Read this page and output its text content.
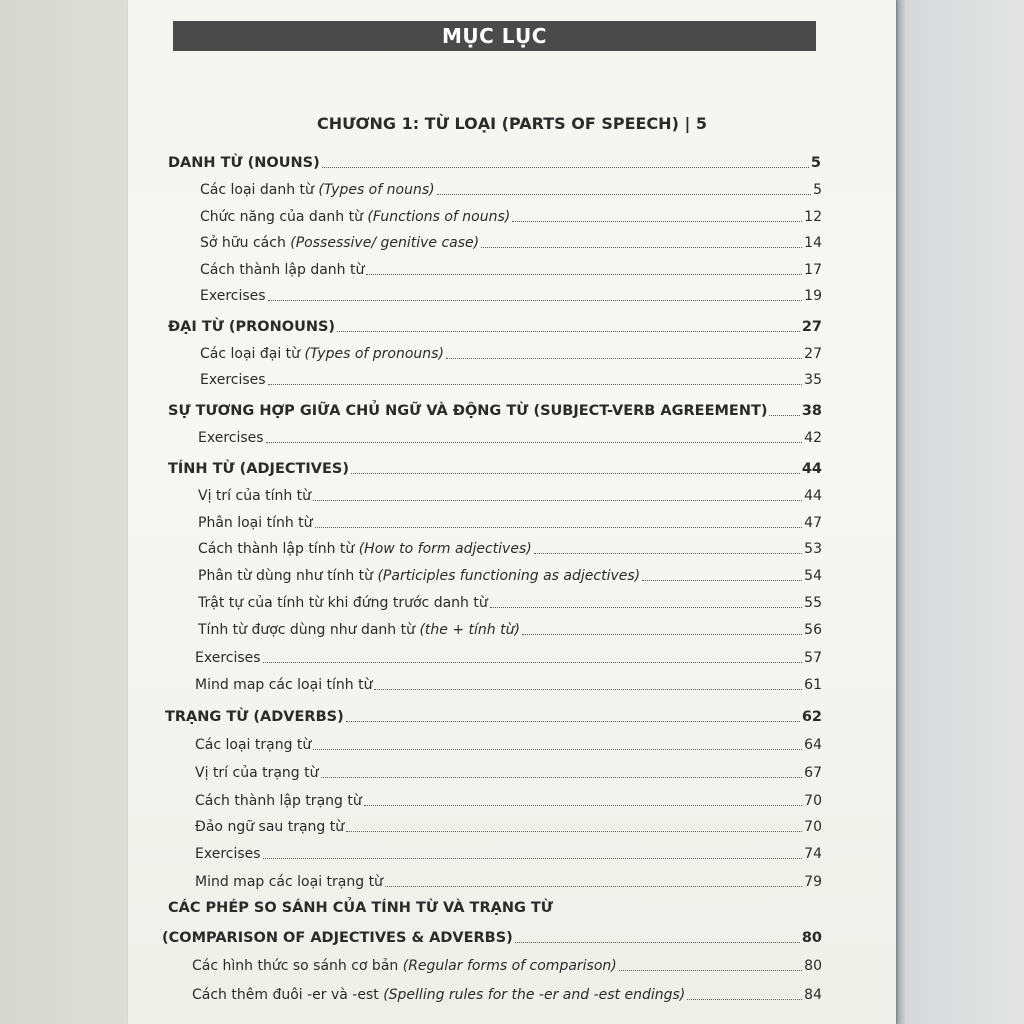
MỤC LỤC
CHƯƠNG 1: TỪ LOẠI (PARTS OF SPEECH) | 5
DANH TỪ (NOUNS)	5
Các loại danh từ (Types of nouns)	5
Chức năng của danh từ (Functions of nouns)	12
Sở hữu cách (Possessive/ genitive case)	14
Cách thành lập danh từ	17
Exercises	19
ĐẠI TỪ (PRONOUNS)	27
Các loại đại từ (Types of pronouns)	27
Exercises	35
SỰ TƯƠNG HỢP GIỮA CHỦ NGỮ VÀ ĐỘNG TỪ (SUBJECT-VERB AGREEMENT) 38
Exercises	42
TÍNH TỪ (ADJECTIVES)	44
Vị trí của tính từ	44
Phân loại tính từ	47
Cách thành lập tính từ (How to form adjectives)	53
Phân từ dùng như tính từ (Participles functioning as adjectives)	54
Trật tự của tính từ khi đứng trước danh từ	55
Tính từ được dùng như danh từ (the + tính từ)	56
Exercises	57
Mind map các loại tính từ	61
TRẠNG TỪ (ADVERBS)	62
Các loại trạng từ	64
Vị trí của trạng từ	67
Cách thành lập trạng từ	70
Đảo ngữ sau trạng từ	70
Exercises	74
Mind map các loại trạng từ	79
CÁC PHÉP SO SÁNH CỦA TÍNH TỪ VÀ TRẠNG TỪ
(COMPARISON OF ADJECTIVES & ADVERBS)	80
Các hình thức so sánh cơ bản (Regular forms of comparison)	80
Cách thêm đuôi -er và -est (Spelling rules for the -er and -est endings)	84
